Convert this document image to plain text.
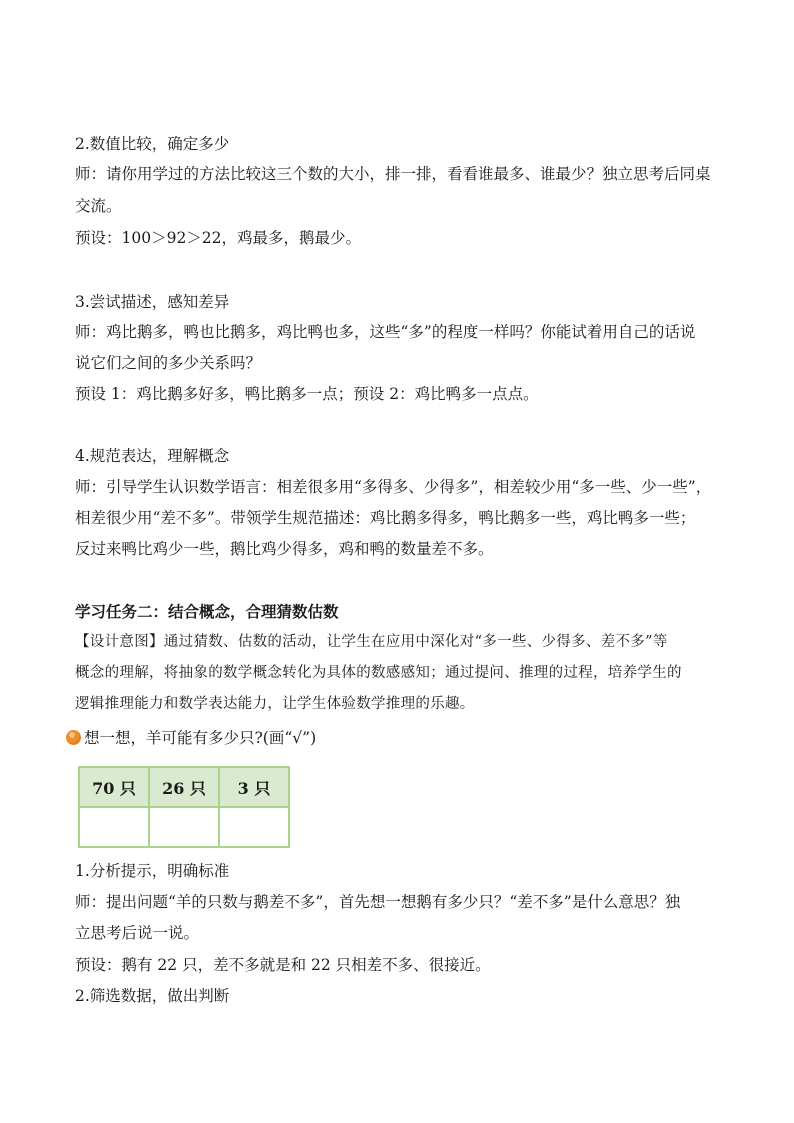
2.数值比较，确定多少
师：请你用学过的方法比较这三个数的大小，排一排，看看谁最多、谁最少？独立思考后同桌
交流。
预设：100＞92＞22，鸡最多，鹅最少。
3.尝试描述，感知差异
师：鸡比鹅多，鸭也比鹅多，鸡比鸭也多，这些“多”的程度一样吗？你能试着用自己的话说
说它们之间的多少关系吗？
预设 1：鸡比鹅多好多，鸭比鹅多一点；预设 2：鸡比鸭多一点点。
4.规范表达，理解概念
师：引导学生认识数学语言：相差很多用“多得多、少得多”，相差较少用“多一些、少一些”，
相差很少用“差不多”。带领学生规范描述：鸡比鹅多得多，鸭比鹅多一些，鸡比鸭多一些；
反过来鸭比鸡少一些，鹅比鸡少得多，鸡和鸭的数量差不多。
学习任务二：结合概念，合理猜数估数
【设计意图】通过猜数、估数的活动，让学生在应用中深化对“多一些、少得多、差不多”等
概念的理解，将抽象的数学概念转化为具体的数感感知；通过提问、推理的过程，培养学生的
逻辑推理能力和数学表达能力，让学生体验数学推理的乐趣。
想一想，羊可能有多少只?(画“√”)
70 只	26 只	3 只

1.分析提示，明确标准
师：提出问题“羊的只数与鹅差不多”，首先想一想鹅有多少只？“差不多”是什么意思？独
立思考后说一说。
预设：鹅有 22 只，差不多就是和 22 只相差不多、很接近。
2.筛选数据，做出判断
